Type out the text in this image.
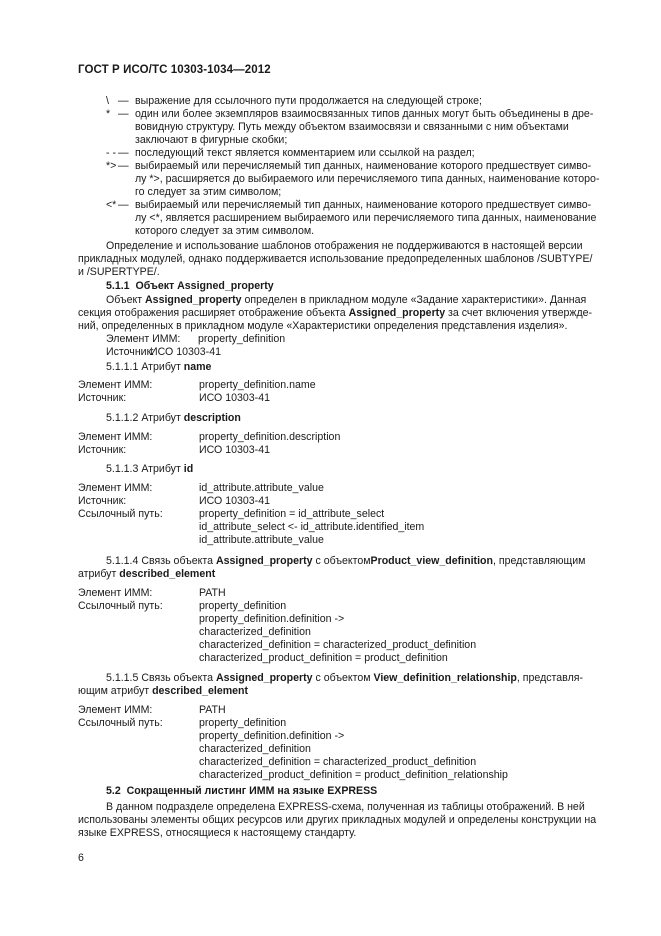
ГОСТ Р ИСО/ТС 10303-1034—2012
\ — выражение для ссылочного пути продолжается на следующей строке;
* — один или более экземпляров взаимосвязанных типов данных могут быть объединены в дре-
вовидную структуру. Путь между объектом взаимосвязи и связанными с ним объектами
заключают в фигурные скобки;
- - — последующий текст является комментарием или ссылкой на раздел;
*> — выбираемый или перечисляемый тип данных, наименование которого предшествует симво-
лу *>, расширяется до выбираемого или перечисляемого типа данных, наименование которо-
го следует за этим символом;
<* — выбираемый или перечисляемый тип данных, наименование которого предшествует симво-
лу <*, является расширением выбираемого или перечисляемого типа данных, наименование
которого следует за этим символом.
Определение и использование шаблонов отображения не поддерживаются в настоящей версии
прикладных модулей, однако поддерживается использование предопределенных шаблонов /SUBTYPE/
и /SUPERTYPE/.
5.1.1 Объект Assigned_property
Объект Assigned_property определен в прикладном модуле «Задание характеристики». Данная
секция отображения расширяет отображение объекта Assigned_property за счет включения утвержде-
ний, определенных в прикладном модуле «Характеристики определения представления изделия».
Элемент ИММ: property_definition
Источник:
ИСО 10303-41
5.1.1.1 Атрибут name
Элемент ИММ:	property_definition.name
Источник:	ИСО 10303-41
5.1.1.2 Атрибут description
Элемент ИММ:	property_definition.description
Источник:	ИСО 10303-41
5.1.1.3 Атрибут id
Элемент ИММ:	id_attribute.attribute_value
Источник:	ИСО 10303-41
Ссылочный путь:	property_definition = id_attribute_select
id_attribute_select <- id_attribute.identified_item
id_attribute.attribute_value
5.1.1.4 Связь объекта Assigned_property с объектомProduct_view_definition, представляющим
атрибут described_element
Элемент ИММ:	PATH
Ссылочный путь:	property_definition
property_definition.definition ->
characterized_definition
characterized_definition = characterized_product_definition
characterized_product_definition = product_definition
5.1.1.5 Связь объекта Assigned_property с объектом View_definition_relationship, представля-
ющим атрибут described_element
Элемент ИММ:	PATH
Ссылочный путь:	property_definition
property_definition.definition ->
characterized_definition
characterized_definition = characterized_product_definition
characterized_product_definition = product_definition_relationship
5.2 Сокращенный листинг ИММ на языке EXPRESS
В данном подразделе определена EXPRESS-схема, полученная из таблицы отображений. В ней
использованы элементы общих ресурсов или других прикладных модулей и определены конструкции на
языке EXPRESS, относящиеся к настоящему стандарту.
6
